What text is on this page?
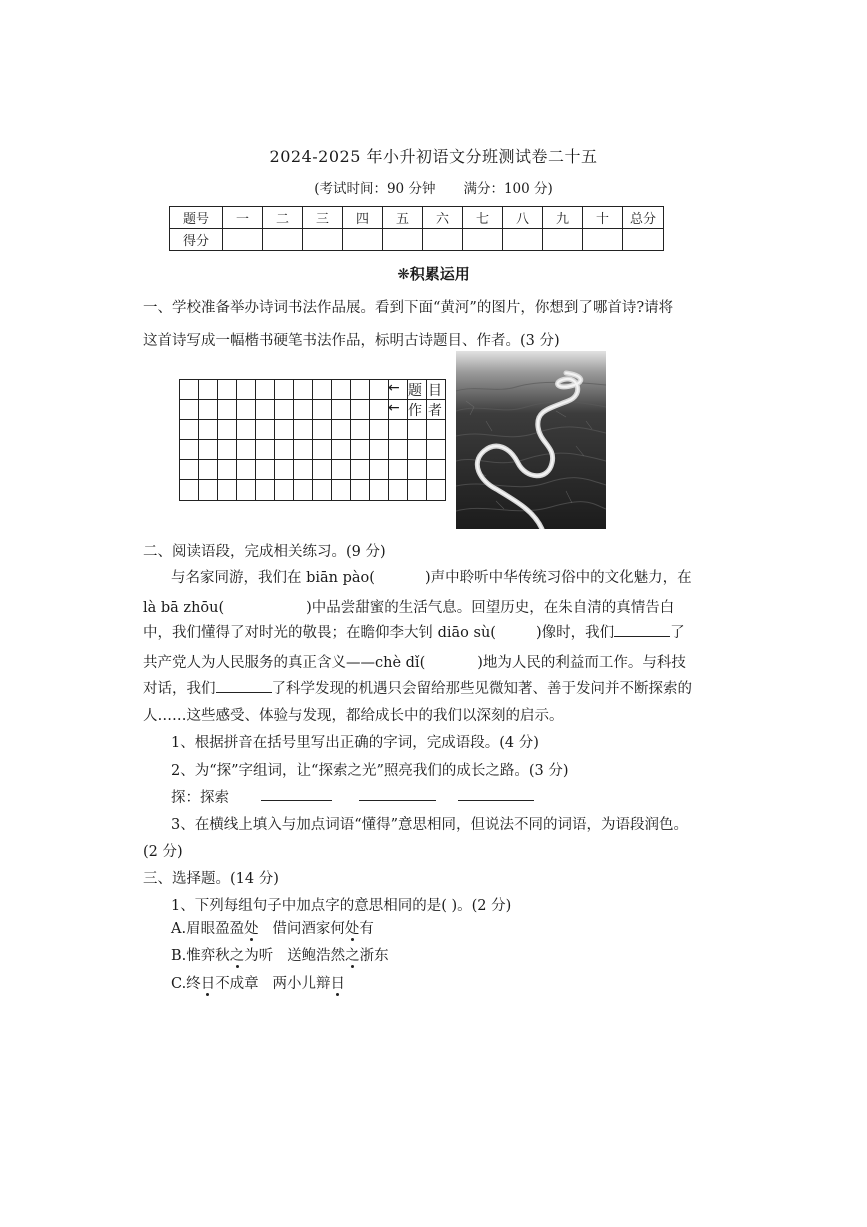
2024-2025 年小升初语文分班测试卷二十五
(考试时间：90 分钟 满分：100 分)
题号	一	二	三	四	五	六	七	八	九	十	总分
得分											
❋积累运用
一、学校准备举办诗词书法作品展。看到下面“黄河”的图片，你想到了哪首诗?请将这首诗写成一幅楷书硬笔书法作品，标明古诗题目、作者。(3 分)
← 题 目
← 作 者
二、阅读语段，完成相关练习。(9 分)
与名家同游，我们在 biān pào(	)声中聆听中华传统习俗中的文化魅力，在
là bā zhōu(	)中品尝甜蜜的生活气息。回望历史，在朱自清的真情告白
中，我们懂得了对时光的敬畏；在瞻仰李大钊 diāo sù(	)像时，我们	了
共产党人为人民服务的真正含义——chè dǐ(	)地为人民的利益而工作。与科技
对话，我们	了科学发现的机遇只会留给那些见微知著、善于发问并不断探索的
人……这些感受、体验与发现，都给成长中的我们以深刻的启示。
1、根据拼音在括号里写出正确的字词，完成语段。(4 分)
2、为“探”字组词，让“探索之光”照亮我们的成长之路。(3 分)
探：探索
3、在横线上填入与加点词语“懂得”意思相同，但说法不同的词语，为语段润色。
(2 分)
三、选择题。(14 分)
1、下列每组句子中加点字的意思相同的是( )。(2 分)
A.眉眼盈盈处   借问酒家何处有
B.惟弈秋之为听   送鲍浩然之浙东
C.终日不成章   两小儿辩日
